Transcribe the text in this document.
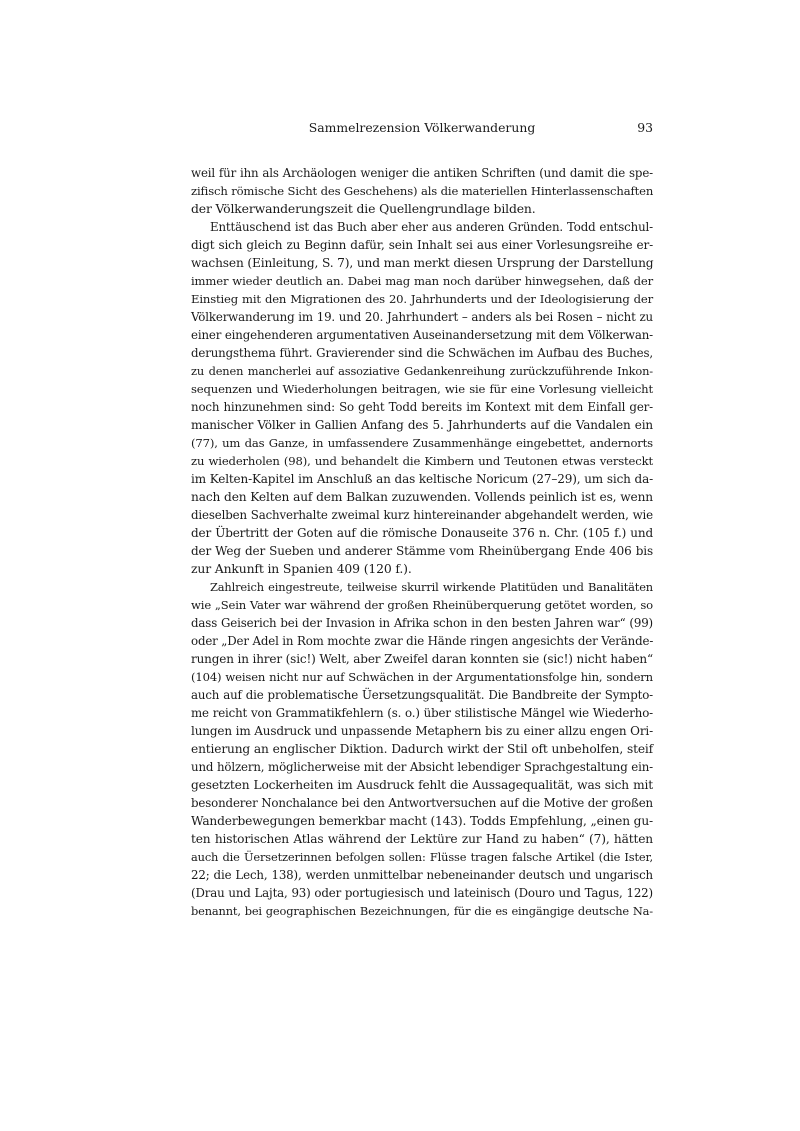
Sammelrezension Völkerwanderung	93
weil für ihn als Archäologen weniger die antiken Schriften (und damit die spe-
zifisch römische Sicht des Geschehens) als die materiellen Hinterlassenschaften
der Völkerwanderungszeit die Quellengrundlage bilden.
Enttäuschend ist das Buch aber eher aus anderen Gründen. Todd entschul-
digt sich gleich zu Beginn dafür, sein Inhalt sei aus einer Vorlesungsreihe er-
wachsen (Einleitung, S. 7), und man merkt diesen Ursprung der Darstellung
immer wieder deutlich an. Dabei mag man noch darüber hinwegsehen, daß der
Einstieg mit den Migrationen des 20. Jahrhunderts und der Ideologisierung der
Völkerwanderung im 19. und 20. Jahrhundert – anders als bei Rosen – nicht zu
einer eingehenderen argumentativen Auseinandersetzung mit dem Völkerwan-
derungsthema führt. Gravierender sind die Schwächen im Aufbau des Buches,
zu denen mancherlei auf assoziative Gedankenreihung zurückzuführende Inkon-
sequenzen und Wiederholungen beitragen, wie sie für eine Vorlesung vielleicht
noch hinzunehmen sind: So geht Todd bereits im Kontext mit dem Einfall ger-
manischer Völker in Gallien Anfang des 5. Jahrhunderts auf die Vandalen ein
(77), um das Ganze, in umfassendere Zusammenhänge eingebettet, andernorts
zu wiederholen (98), und behandelt die Kimbern und Teutonen etwas versteckt
im Kelten-Kapitel im Anschluß an das keltische Noricum (27–29), um sich da-
nach den Kelten auf dem Balkan zuzuwenden. Vollends peinlich ist es, wenn
dieselben Sachverhalte zweimal kurz hintereinander abgehandelt werden, wie
der Übertritt der Goten auf die römische Donauseite 376 n. Chr. (105 f.) und
der Weg der Sueben und anderer Stämme vom Rheinübergang Ende 406 bis
zur Ankunft in Spanien 409 (120 f.).
Zahlreich eingestreute, teilweise skurril wirkende Platitüden und Banalitäten
wie „Sein Vater war während der großen Rheinüberquerung getötet worden, so
dass Geiserich bei der Invasion in Afrika schon in den besten Jahren war“ (99)
oder „Der Adel in Rom mochte zwar die Hände ringen angesichts der Verände-
rungen in ihrer (sic!) Welt, aber Zweifel daran konnten sie (sic!) nicht haben“
(104) weisen nicht nur auf Schwächen in der Argumentationsfolge hin, sondern
auch auf die problematische Üersetzungsqualität. Die Bandbreite der Sympto-
me reicht von Grammatikfehlern (s. o.) über stilistische Mängel wie Wiederho-
lungen im Ausdruck und unpassende Metaphern bis zu einer allzu engen Ori-
entierung an englischer Diktion. Dadurch wirkt der Stil oft unbeholfen, steif
und hölzern, möglicherweise mit der Absicht lebendiger Sprachgestaltung ein-
gesetzten Lockerheiten im Ausdruck fehlt die Aussagequalität, was sich mit
besonderer Nonchalance bei den Antwortversuchen auf die Motive der großen
Wanderbewegungen bemerkbar macht (143). Todds Empfehlung, „einen gu-
ten historischen Atlas während der Lektüre zur Hand zu haben“ (7), hätten
auch die Üersetzerinnen befolgen sollen: Flüsse tragen falsche Artikel (die Ister,
22; die Lech, 138), werden unmittelbar nebeneinander deutsch und ungarisch
(Drau und Lajta, 93) oder portugiesisch und lateinisch (Douro und Tagus, 122)
benannt, bei geographischen Bezeichnungen, für die es eingängige deutsche Na-
